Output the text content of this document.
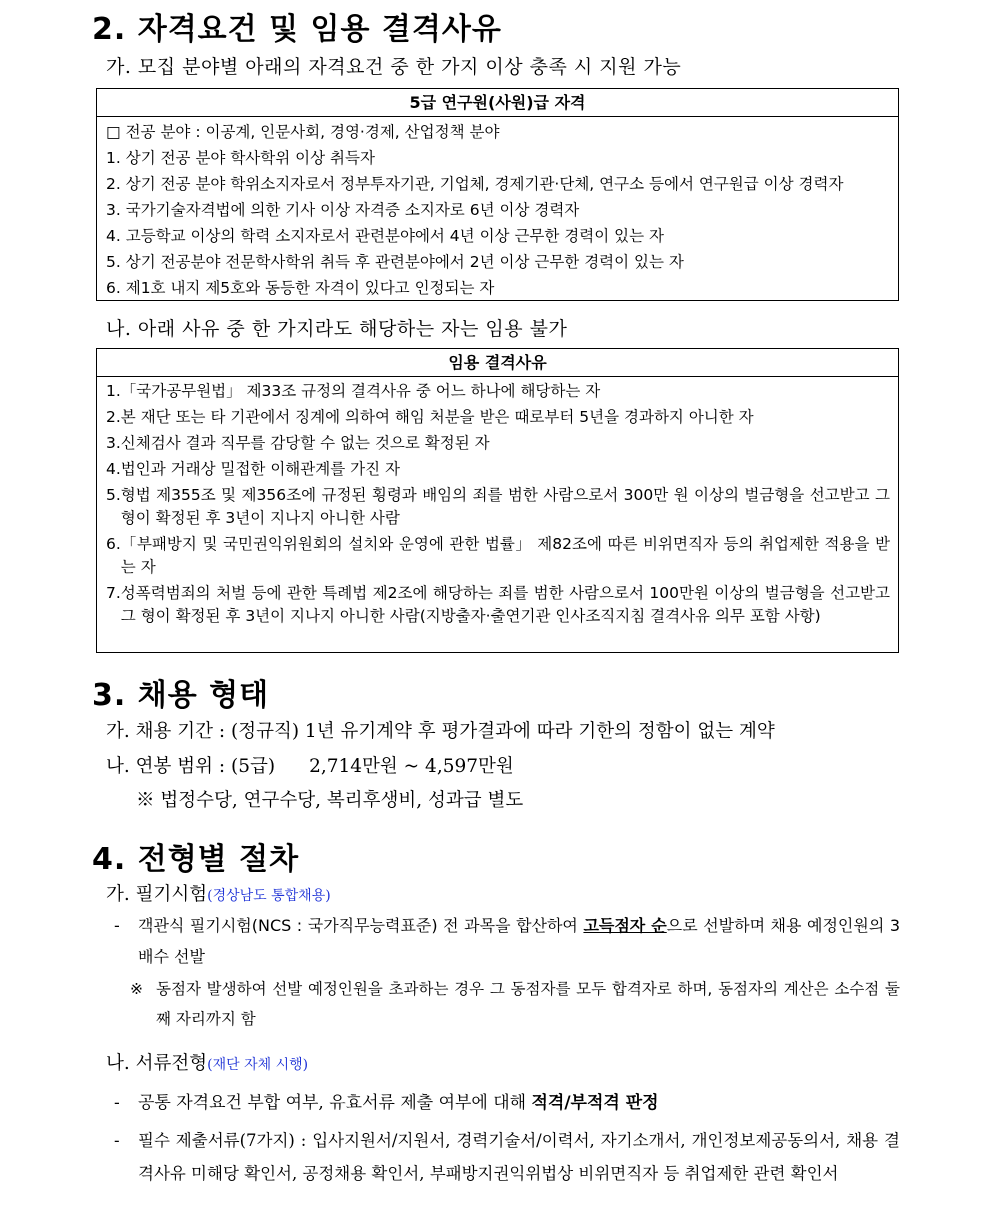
2. 자격요건 및 임용 결격사유
가. 모집 분야별 아래의 자격요건 중 한 가지 이상 충족 시 지원 가능
5급 연구원(사원)급 자격
□ 전공 분야 : 이공계, 인문사회, 경영·경제, 산업정책 분야
1. 상기 전공 분야 학사학위 이상 취득자
2. 상기 전공 분야 학위소지자로서 정부투자기관, 기업체, 경제기관·단체, 연구소 등에서 연구원급 이상 경력자
3. 국가기술자격법에 의한 기사 이상 자격증 소지자로 6년 이상 경력자
4. 고등학교 이상의 학력 소지자로서 관련분야에서 4년 이상 근무한 경력이 있는 자
5. 상기 전공분야 전문학사학위 취득 후 관련분야에서 2년 이상 근무한 경력이 있는 자
6. 제1호 내지 제5호와 동등한 자격이 있다고 인정되는 자
나. 아래 사유 중 한 가지라도 해당하는 자는 임용 불가
임용 결격사유
1. 「국가공무원법」 제33조 규정의 결격사유 중 어느 하나에 해당하는 자
2. 본 재단 또는 타 기관에서 징계에 의하여 해임 처분을 받은 때로부터 5년을 경과하지 아니한 자
3. 신체검사 결과 직무를 감당할 수 없는 것으로 확정된 자
4. 법인과 거래상 밀접한 이해관계를 가진 자
5. 형법 제355조 및 제356조에 규정된 횡령과 배임의 죄를 범한 사람으로서 300만 원 이상의 벌금형을 선고받고 그 형이 확정된 후 3년이 지나지 아니한 사람
6. 「부패방지 및 국민권익위원회의 설치와 운영에 관한 법률」 제82조에 따른 비위면직자 등의 취업제한 적용을 받는 자
7. 성폭력범죄의 처벌 등에 관한 특례법 제2조에 해당하는 죄를 범한 사람으로서 100만원 이상의 벌금형을 선고받고 그 형이 확정된 후 3년이 지나지 아니한 사람(지방출자·출연기관 인사조직지침 결격사유 의무 포함 사항)
3. 채용 형태
가. 채용 기간 : (정규직) 1년 유기계약 후 평가결과에 따라 기한의 정함이 없는 계약
나. 연봉 범위 : (5급) 2,714만원 ~ 4,597만원
※ 법정수당, 연구수당, 복리후생비, 성과급 별도
4. 전형별 절차
가. 필기시험(경상남도 통합채용)
-	객관식 필기시험(NCS : 국가직무능력표준) 전 과목을 합산하여 고득점자 순으로 선발하며 채용 예정인원의 3배수 선발
※ 동점자 발생하여 선발 예정인원을 초과하는 경우 그 동점자를 모두 합격자로 하며, 동점자의 계산은 소수점 둘째 자리까지 함
나. 서류전형(재단 자체 시행)
-	공통 자격요건 부합 여부, 유효서류 제출 여부에 대해 적격/부적격 판정
-	필수 제출서류(7가지) : 입사지원서/지원서, 경력기술서/이력서, 자기소개서, 개인정보제공동의서, 채용 결격사유 미해당 확인서, 공정채용 확인서, 부패방지권익위법상 비위면직자 등 취업제한 관련 확인서
